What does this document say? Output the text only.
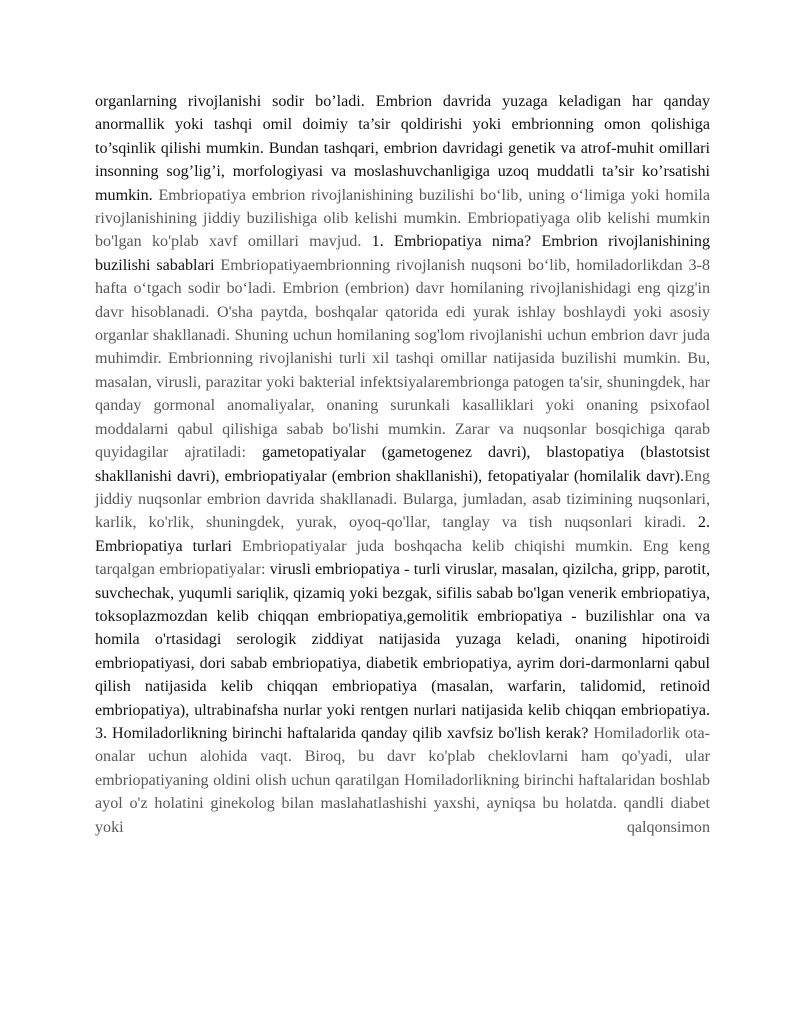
organlarning rivojlanishi sodir bo’ladi. Embrion davrida yuzaga keladigan har qanday anormallik yoki tashqi omil doimiy ta’sir qoldirishi yoki embrionning omon qolishiga to’sqinlik qilishi mumkin. Bundan tashqari, embrion davridagi genetik va atrof-muhit omillari insonning sog’lig’i, morfologiyasi va moslashuvchanligiga uzoq muddatli ta’sir ko’rsatishi mumkin. Embriopatiya embrion rivojlanishining buzilishi bo‘lib, uning o‘limiga yoki homila rivojlanishining jiddiy buzilishiga olib kelishi mumkin. Embriopatiyaga olib kelishi mumkin bo'lgan ko'plab xavf omillari mavjud. 1. Embriopatiya nima? Embrion rivojlanishining buzilishi sabablari Embriopatiyaembrionning rivojlanish nuqsoni bo‘lib, homiladorlikdan 3-8 hafta o‘tgach sodir bo‘ladi. Embrion (embrion) davr homilaning rivojlanishidagi eng qizg'in davr hisoblanadi. O'sha paytda, boshqalar qatorida edi yurak ishlay boshlaydi yoki asosiy organlar shakllanadi. Shuning uchun homilaning sog'lom rivojlanishi uchun embrion davr juda muhimdir. Embrionning rivojlanishi turli xil tashqi omillar natijasida buzilishi mumkin. Bu, masalan, virusli, parazitar yoki bakterial infektsiyalarembrionga patogen ta'sir, shuningdek, har qanday gormonal anomaliyalar, onaning surunkali kasalliklari yoki onaning psixofaol moddalarni qabul qilishiga sabab bo'lishi mumkin. Zarar va nuqsonlar bosqichiga qarab quyidagilar ajratiladi: gametopatiyalar (gametogenez davri), blastopatiya (blastotsist shakllanishi davri), embriopatiyalar (embrion shakllanishi), fetopatiyalar (homilalik davr).Eng jiddiy nuqsonlar embrion davrida shakllanadi. Bularga, jumladan, asab tizimining nuqsonlari, karlik, ko'rlik, shuningdek, yurak, oyoq-qo'llar, tanglay va tish nuqsonlari kiradi. 2. Embriopatiya turlari Embriopatiyalar juda boshqacha kelib chiqishi mumkin. Eng keng tarqalgan embriopatiyalar: virusli embriopatiya - turli viruslar, masalan, qizilcha, gripp, parotit, suvchechak, yuqumli sariqlik, qizamiq yoki bezgak, sifilis sabab bo'lgan venerik embriopatiya, toksoplazmozdan kelib chiqqan embriopatiya,gemolitik embriopatiya - buzilishlar ona va homila o'rtasidagi serologik ziddiyat natijasida yuzaga keladi, onaning hipotiroidi embriopatiyasi, dori sabab embriopatiya, diabetik embriopatiya, ayrim dori-darmonlarni qabul qilish natijasida kelib chiqqan embriopatiya (masalan, warfarin, talidomid, retinoid embriopatiya), ultrabinafsha nurlar yoki rentgen nurlari natijasida kelib chiqqan embriopatiya. 3. Homiladorlikning birinchi haftalarida qanday qilib xavfsiz bo'lish kerak? Homiladorlik ota-onalar uchun alohida vaqt. Biroq, bu davr ko'plab cheklovlarni ham qo'yadi, ular embriopatiyaning oldini olish uchun qaratilgan Homiladorlikning birinchi haftalaridan boshlab ayol o'z holatini ginekolog bilan maslahatlashishi yaxshi, ayniqsa bu holatda. qandli diabet yoki qalqonsimon
